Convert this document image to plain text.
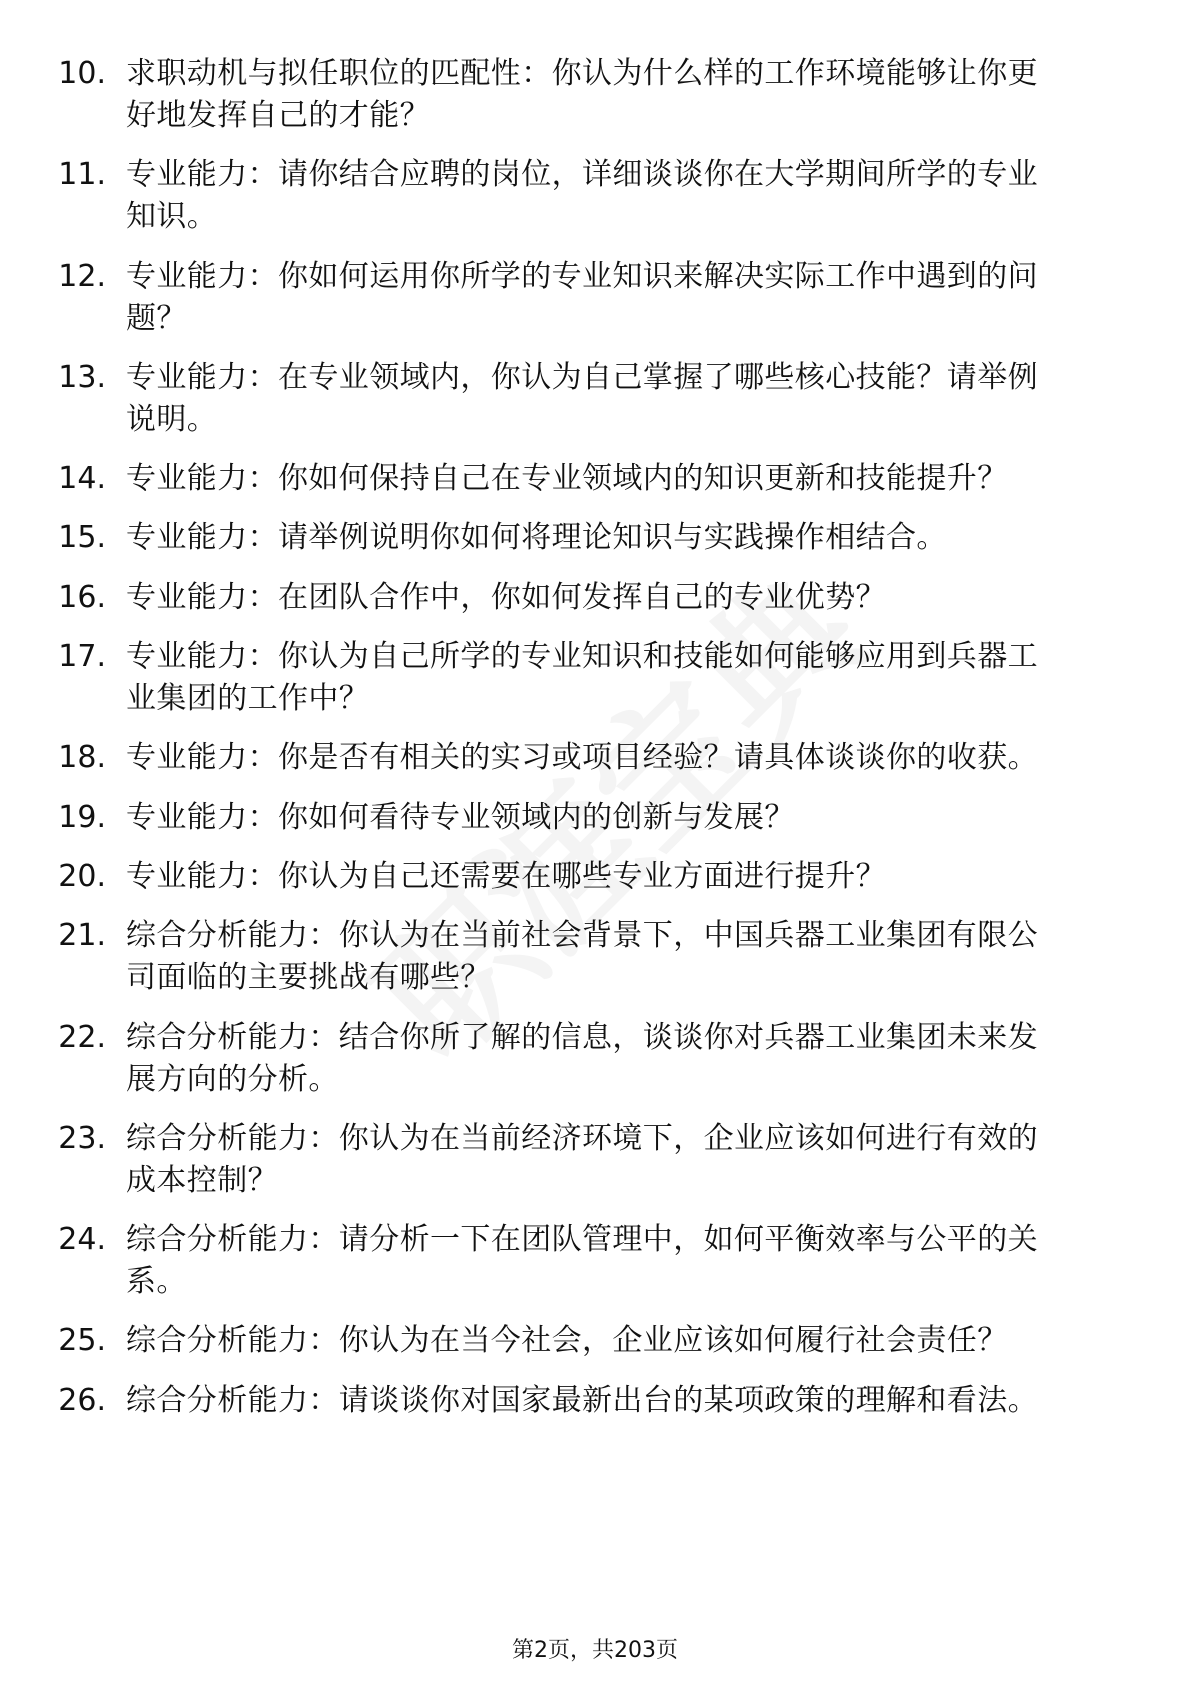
10. 求职动机与拟任职位的匹配性：你认为什么样的工作环境能够让你更好地发挥自己的才能？
11. 专业能力：请你结合应聘的岗位，详细谈谈你在大学期间所学的专业知识。
12. 专业能力：你如何运用你所学的专业知识来解决实际工作中遇到的问题？
13. 专业能力：在专业领域内，你认为自己掌握了哪些核心技能？请举例说明。
14. 专业能力：你如何保持自己在专业领域内的知识更新和技能提升？
15. 专业能力：请举例说明你如何将理论知识与实践操作相结合。
16. 专业能力：在团队合作中，你如何发挥自己的专业优势？
17. 专业能力：你认为自己所学的专业知识和技能如何能够应用到兵器工业集团的工作中？
18. 专业能力：你是否有相关的实习或项目经验？请具体谈谈你的收获。
19. 专业能力：你如何看待专业领域内的创新与发展？
20. 专业能力：你认为自己还需要在哪些专业方面进行提升？
21. 综合分析能力：你认为在当前社会背景下，中国兵器工业集团有限公司面临的主要挑战有哪些？
22. 综合分析能力：结合你所了解的信息，谈谈你对兵器工业集团未来发展方向的分析。
23. 综合分析能力：你认为在当前经济环境下，企业应该如何进行有效的成本控制？
24. 综合分析能力：请分析一下在团队管理中，如何平衡效率与公平的关系。
25. 综合分析能力：你认为在当今社会，企业应该如何履行社会责任？
26. 综合分析能力：请谈谈你对国家最新出台的某项政策的理解和看法。
第2页，共203页
